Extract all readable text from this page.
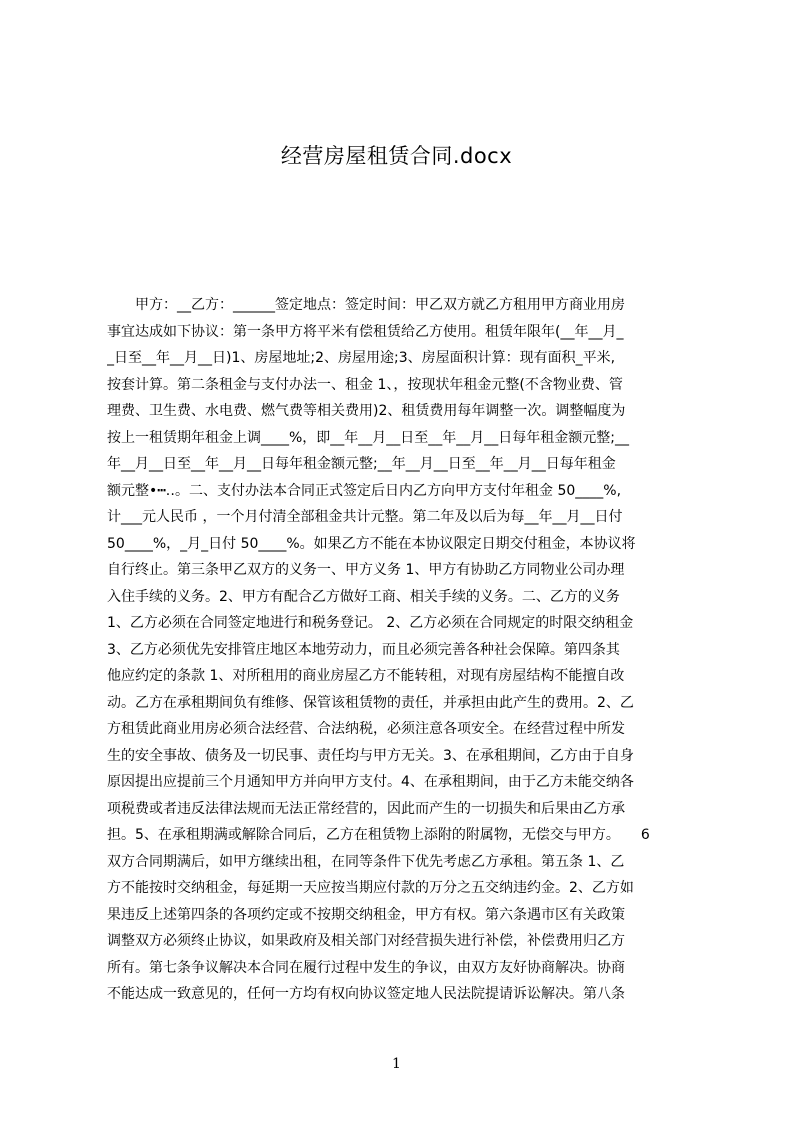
经营房屋租赁合同.docx
　　甲方：__乙方：______签定地点：签定时间：甲乙双方就乙方租用甲方商业用房
事宜达成如下协议：第一条甲方将平米有偿租赁给乙方使用。租赁年限年(__年__月_
_日至__年__月__日)1、房屋地址;2、房屋用途;3、房屋面积计算：现有面积_平米,
按套计算。第二条租金与支付办法一、租金 1、，按现状年租金元整(不含物业费、管
理费、卫生费、水电费、燃气费等相关费用)2、租赁费用每年调整一次。调整幅度为
按上一租赁期年租金上调____%，即__年__月__日至__年__月__日每年租金额元整;__
年__月__日至__年__月__日每年租金额元整;__年__月__日至__年__月__日每年租金
额元整•┅‥。二、支付办法本合同正式签定后日内乙方向甲方支付年租金 50____%,
计___元人民币 ，一个月付清全部租金共计元整。第二年及以后为每__年__月__日付
50____%，_月_日付 50____%。如果乙方不能在本协议限定日期交付租金，本协议将
自行终止。第三条甲乙双方的义务一、甲方义务 1、甲方有协助乙方同物业公司办理
入住手续的义务。2、甲方有配合乙方做好工商、相关手续的义务。二、乙方的义务
1、乙方必须在合同签定地进行和税务登记。 2、乙方必须在合同规定的时限交纳租金
3、乙方必须优先安排管庄地区本地劳动力，而且必须完善各种社会保障。第四条其
他应约定的条款 1、对所租用的商业房屋乙方不能转租，对现有房屋结构不能擅自改
动。乙方在承租期间负有维修、保管该租赁物的责任，并承担由此产生的费用。2、乙
方租赁此商业用房必须合法经营、合法纳税，必须注意各项安全。在经营过程中所发
生的安全事故、债务及一切民事、责任均与甲方无关。3、在承租期间，乙方由于自身
原因提出应提前三个月通知甲方并向甲方支付。4、在承租期间，由于乙方未能交纳各
项税费或者违反法律法规而无法正常经营的，因此而产生的一切损失和后果由乙方承
担。5、在承租期满或解除合同后，乙方在租赁物上添附的附属物，无偿交与甲方。　　6
双方合同期满后，如甲方继续出租，在同等条件下优先考虑乙方承租。第五条 1、乙
方不能按时交纳租金，每延期一天应按当期应付款的万分之五交纳违约金。2、乙方如
果违反上述第四条的各项约定或不按期交纳租金，甲方有权。第六条遇市区有关政策
调整双方必须终止协议，如果政府及相关部门对经营损失进行补偿，补偿费用归乙方
所有。第七条争议解决本合同在履行过程中发生的争议，由双方友好协商解决。协商
不能达成一致意见的，任何一方均有权向协议签定地人民法院提请诉讼解决。第八条
1
